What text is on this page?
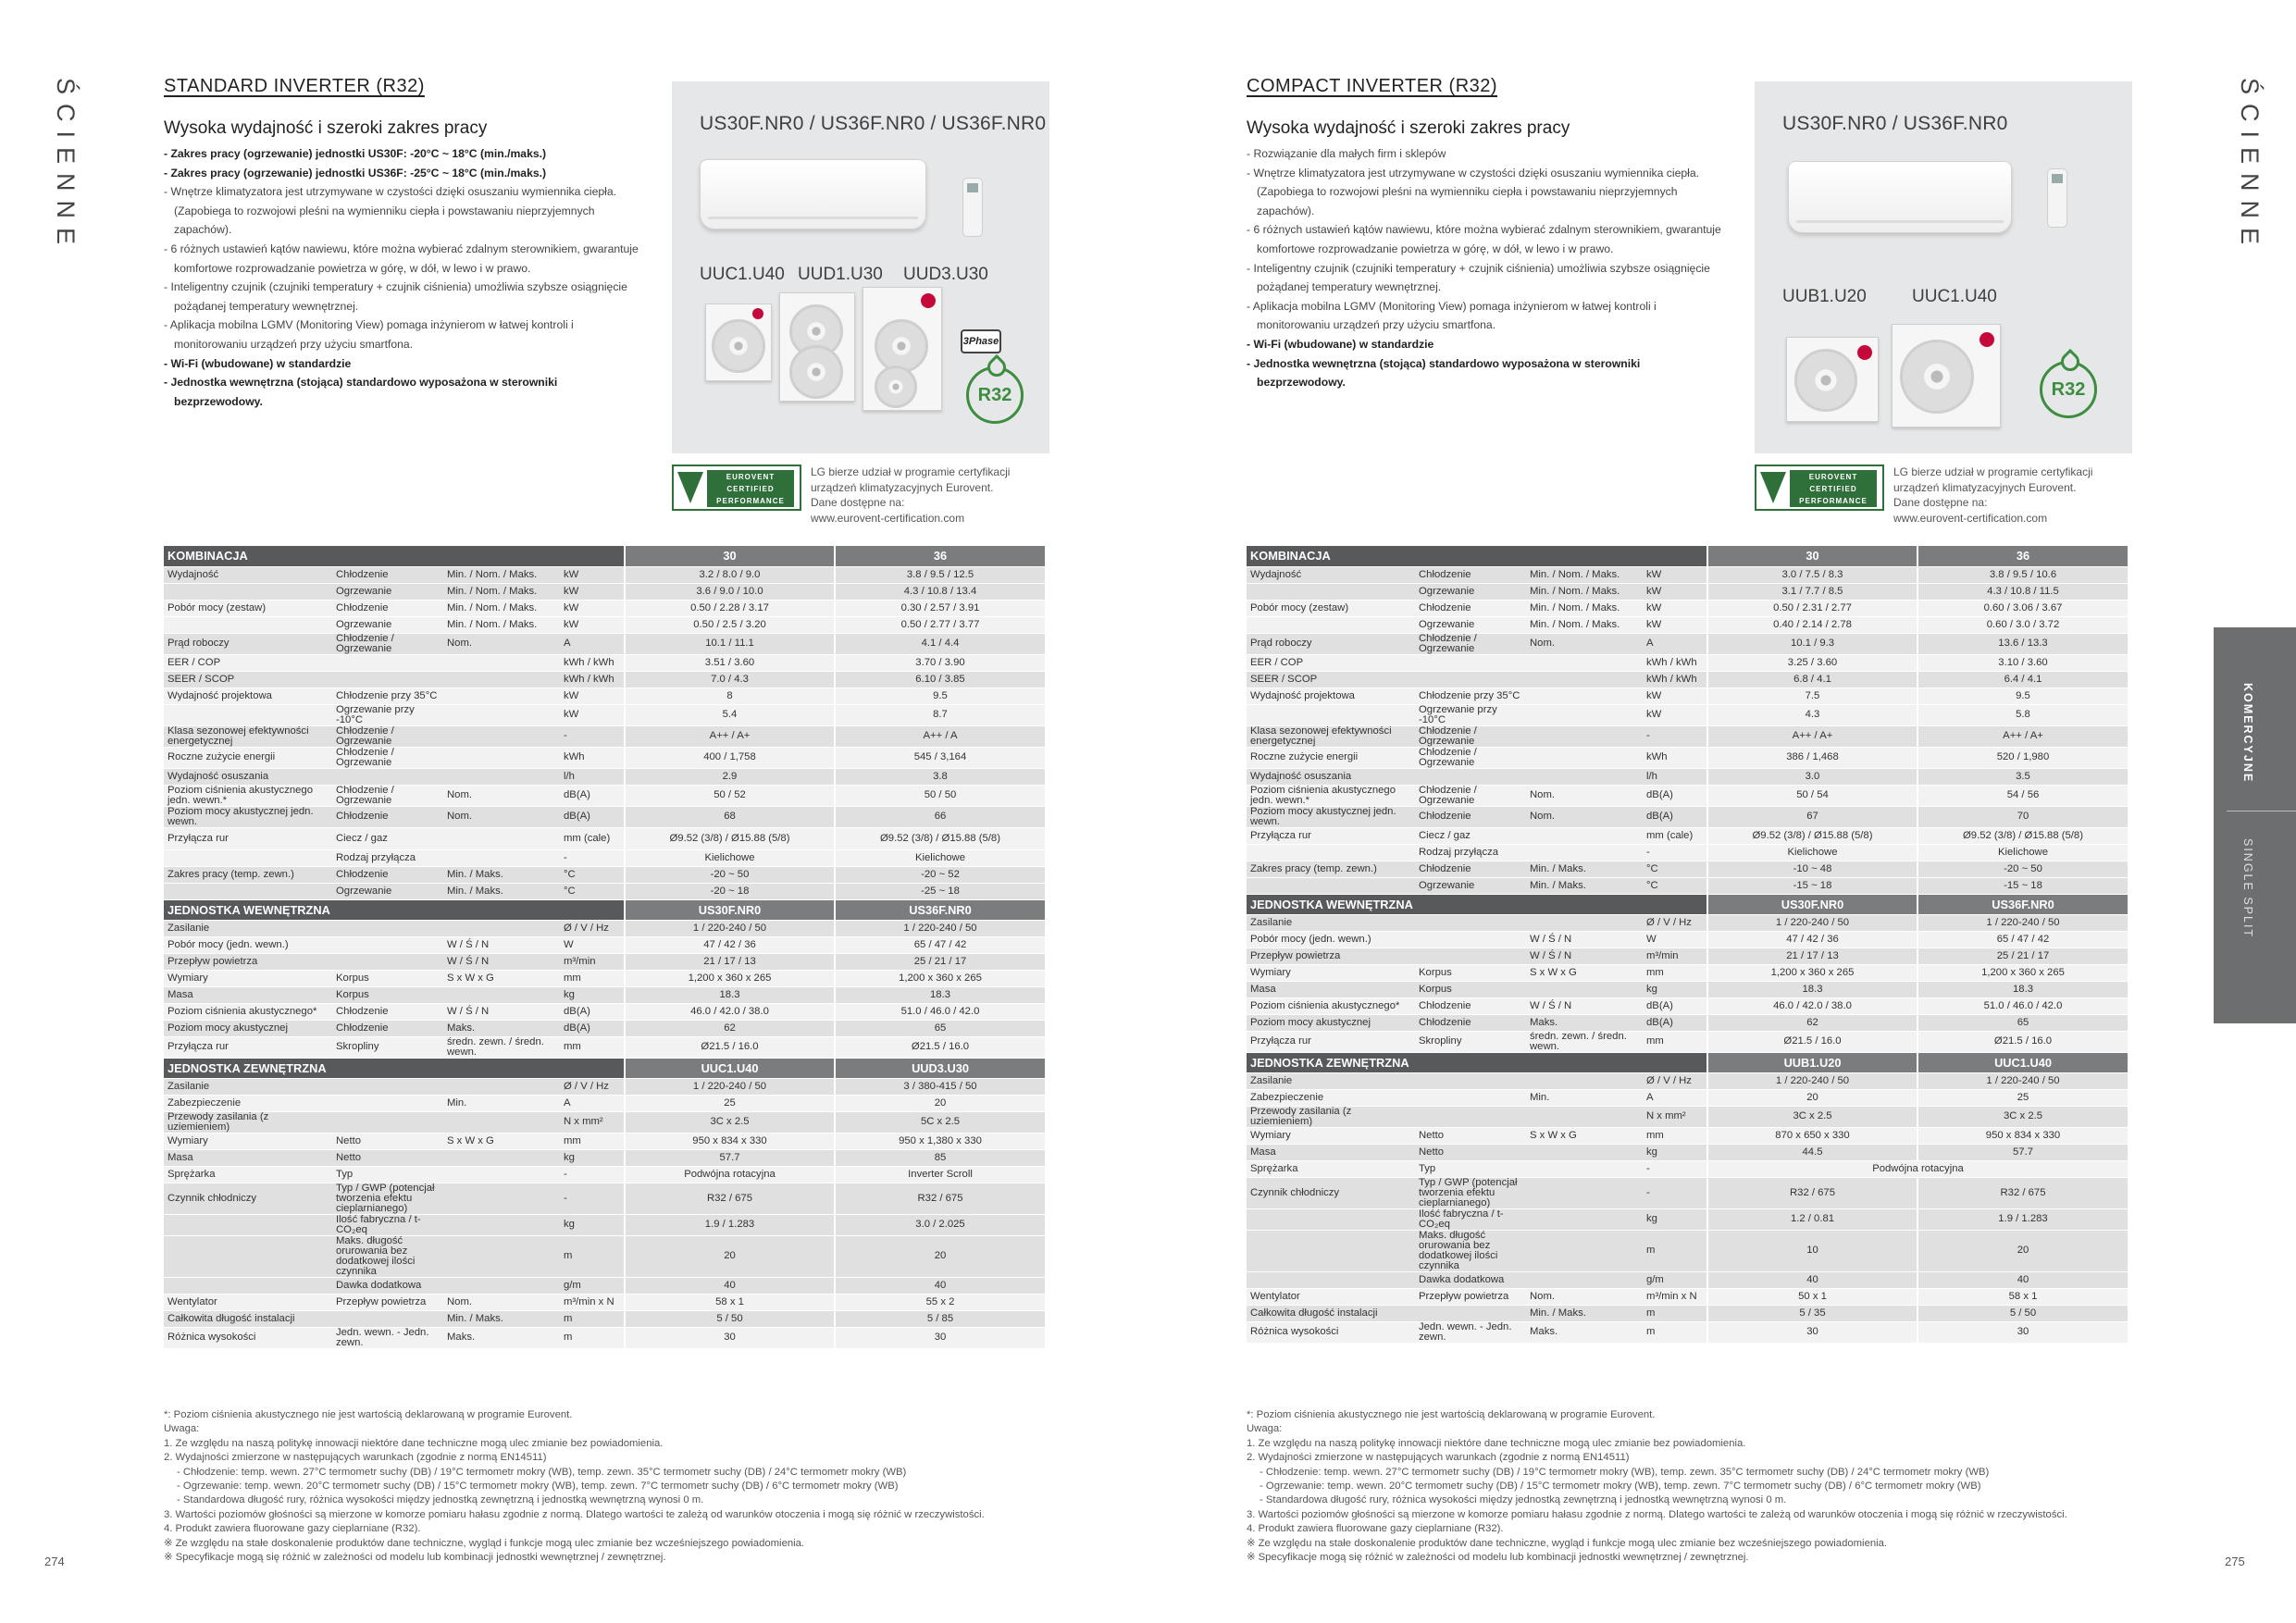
ŚCIENNE	STANDARD INVERTER (R32)
Wysoka wydajność i szeroki zakres pracy
- Zakres pracy (ogrzewanie) jednostki US30F: -20°C ~ 18°C (min./maks.)
- Zakres pracy (ogrzewanie) jednostki US36F: -25°C ~ 18°C (min./maks.)
- Wnętrze klimatyzatora jest utrzymywane w czystości dzięki osuszaniu wymiennika ciepła. (Zapobiega to rozwojowi pleśni na wymienniku ciepła i powstawaniu nieprzyjemnych zapachów).
- 6 różnych ustawień kątów nawiewu, które można wybierać zdalnym sterownikiem, gwarantuje komfortowe rozprowadzanie powietrza w górę, w dół, w lewo i w prawo.
- Inteligentny czujnik (czujniki temperatury + czujnik ciśnienia) umożliwia szybsze osiągnięcie pożądanej temperatury wewnętrznej.
- Aplikacja mobilna LGMV (Monitoring View) pomaga inżynierom w łatwej kontroli i monitorowaniu urządzeń przy użyciu smartfona.
- Wi-Fi (wbudowane) w standardzie
- Jednostka wewnętrzna (stojąca) standardowo wyposażona w sterowniki bezprzewodowy.
US30F.NR0 / US36F.NR0 / US36F.NR0
UUC1.U40 UUD1.U30 UUD3.U30
3Phase
R32
EUROVENT CERTIFIED PERFORMANCE
LG bierze udział w programie certyfikacji
urządzeń klimatyzacyjnych Eurovent.
Dane dostępne na:
www.eurovent-certification.com
KOMBINACJA				30	36
Wydajność	Chłodzenie	Min. / Nom. / Maks.	kW	3.2 / 8.0 / 9.0	3.8 / 9.5 / 12.5
	Ogrzewanie	Min. / Nom. / Maks.	kW	3.6 / 9.0 / 10.0	4.3 / 10.8 / 13.4
Pobór mocy (zestaw)	Chłodzenie	Min. / Nom. / Maks.	kW	0.50 / 2.28 / 3.17	0.30 / 2.57 / 3.91
	Ogrzewanie	Min. / Nom. / Maks.	kW	0.50 / 2.5 / 3.20	0.50 / 2.77 / 3.77
Prąd roboczy	Chłodzenie / Ogrzewanie	Nom.	A	10.1 / 11.1	4.1 / 4.4
EER / COP			kWh / kWh	3.51 / 3.60	3.70 / 3.90
SEER / SCOP			kWh / kWh	7.0 / 4.3	6.10 / 3.85
Wydajność projektowa	Chłodzenie przy 35°C		kW	8	9.5
	Ogrzewanie przy -10°C		kW	5.4	8.7
Klasa sezonowej efektywności energetycznej	Chłodzenie / Ogrzewanie		-	A++ / A+	A++ / A
Roczne zużycie energii	Chłodzenie / Ogrzewanie		kWh	400 / 1,758	545 / 3,164
Wydajność osuszania			l/h	2.9	3.8
Poziom ciśnienia akustycznego jedn. wewn.*	Chłodzenie / Ogrzewanie	Nom.	dB(A)	50 / 52	50 / 50
Poziom mocy akustycznej jedn. wewn.	Chłodzenie	Nom.	dB(A)	68	66
Przyłącza rur	Ciecz / gaz		mm (cale)	Ø9.52 (3/8) / Ø15.88 (5/8)	Ø9.52 (3/8) / Ø15.88 (5/8)
	Rodzaj przyłącza		-	Kielichowe	Kielichowe
Zakres pracy (temp. zewn.)	Chłodzenie	Min. / Maks.	°C	-20 ~ 50	-20 ~ 52
	Ogrzewanie	Min. / Maks.	°C	-20 ~ 18	-25 ~ 18
JEDNOSTKA WEWNĘTRZNA				US30F.NR0	US36F.NR0
Zasilanie			Ø / V / Hz	1 / 220-240 / 50	1 / 220-240 / 50
Pobór mocy (jedn. wewn.)		W / Ś / N	W	47 / 42 / 36	65 / 47 / 42
Przepływ powietrza		W / Ś / N	m³/min	21 / 17 / 13	25 / 21 / 17
Wymiary	Korpus	S x W x G	mm	1,200 x 360 x 265	1,200 x 360 x 265
Masa	Korpus		kg	18.3	18.3
Poziom ciśnienia akustycznego*	Chłodzenie	W / Ś / N	dB(A)	46.0 / 42.0 / 38.0	51.0 / 46.0 / 42.0
Poziom mocy akustycznej	Chłodzenie	Maks.	dB(A)	62	65
Przyłącza rur	Skropliny	średn. zewn. / średn. wewn.	mm	Ø21.5 / 16.0	Ø21.5 / 16.0
JEDNOSTKA ZEWNĘTRZNA				UUC1.U40	UUD3.U30
Zasilanie			Ø / V / Hz	1 / 220-240 / 50	3 / 380-415 / 50
Zabezpieczenie		Min.	A	25	20
Przewody zasilania (z uziemieniem)			N x mm²	3C x 2.5	5C x 2.5
Wymiary	Netto	S x W x G	mm	950 x 834 x 330	950 x 1,380 x 330
Masa	Netto		kg	57.7	85
Sprężarka	Typ		-	Podwójna rotacyjna	Inverter Scroll
Czynnik chłodniczy	Typ / GWP (potencjał tworzenia efektu cieplarnianego)		-	R32 / 675	R32 / 675
	Ilość fabryczna / t-CO₂eq		kg	1.9 / 1.283	3.0 / 2.025
	Maks. długość orurowania bez dodatkowej ilości czynnika		m	20	20
	Dawka dodatkowa		g/m	40	40
Wentylator	Przepływ powietrza	Nom.	m³/min x N	58 x 1	55 x 2
Całkowita długość instalacji		Min. / Maks.	m	5 / 50	5 / 85
Różnica wysokości	Jedn. wewn. - Jedn. zewn.	Maks.	m	30	30
*: Poziom ciśnienia akustycznego nie jest wartością deklarowaną w programie Eurovent.
Uwaga:
1. Ze względu na naszą politykę innowacji niektóre dane techniczne mogą ulec zmianie bez powiadomienia.
2. Wydajności zmierzone w następujących warunkach (zgodnie z normą EN14511)
- Chłodzenie: temp. wewn. 27°C termometr suchy (DB) / 19°C termometr mokry (WB), temp. zewn. 35°C termometr suchy (DB) / 24°C termometr mokry (WB)
- Ogrzewanie: temp. wewn. 20°C termometr suchy (DB) / 15°C termometr mokry (WB), temp. zewn. 7°C termometr suchy (DB) / 6°C termometr mokry (WB)
- Standardowa długość rury, różnica wysokości między jednostką zewnętrzną i jednostką wewnętrzną wynosi 0 m.
3. Wartości poziomów głośności są mierzone w komorze pomiaru hałasu zgodnie z normą. Dlatego wartości te zależą od warunków otoczenia i mogą się różnić w rzeczywistości.
4. Produkt zawiera fluorowane gazy cieplarniane (R32).
※ Ze względu na stałe doskonalenie produktów dane techniczne, wygląd i funkcje mogą ulec zmianie bez wcześniejszego powiadomienia.
※ Specyfikacje mogą się różnić w zależności od modelu lub kombinacji jednostki wewnętrznej / zewnętrznej.
274
COMPACT INVERTER (R32)
Wysoka wydajność i szeroki zakres pracy
- Rozwiązanie dla małych firm i sklepów
- Wnętrze klimatyzatora jest utrzymywane w czystości dzięki osuszaniu wymiennika ciepła. (Zapobiega to rozwojowi pleśni na wymienniku ciepła i powstawaniu nieprzyjemnych zapachów).
- 6 różnych ustawień kątów nawiewu, które można wybierać zdalnym sterownikiem, gwarantuje komfortowe rozprowadzanie powietrza w górę, w dół, w lewo i w prawo.
- Inteligentny czujnik (czujniki temperatury + czujnik ciśnienia) umożliwia szybsze osiągnięcie pożądanej temperatury wewnętrznej.
- Aplikacja mobilna LGMV (Monitoring View) pomaga inżynierom w łatwej kontroli i monitorowaniu urządzeń przy użyciu smartfona.
- Wi-Fi (wbudowane) w standardzie
- Jednostka wewnętrzna (stojąca) standardowo wyposażona w sterowniki bezprzewodowy.
US30F.NR0 / US36F.NR0
UUB1.U20	UUC1.U40
R32
EUROVENT CERTIFIED PERFORMANCE
LG bierze udział w programie certyfikacji
urządzeń klimatyzacyjnych Eurovent.
Dane dostępne na:
www.eurovent-certification.com
KOMBINACJA				30	36
Wydajność	Chłodzenie	Min. / Nom. / Maks.	kW	3.0 / 7.5 / 8.3	3.8 / 9.5 / 10.6
	Ogrzewanie	Min. / Nom. / Maks.	kW	3.1 / 7.7 / 8.5	4.3 / 10.8 / 11.5
Pobór mocy (zestaw)	Chłodzenie	Min. / Nom. / Maks.	kW	0.50 / 2.31 / 2.77	0.60 / 3.06 / 3.67
	Ogrzewanie	Min. / Nom. / Maks.	kW	0.40 / 2.14 / 2.78	0.60 / 3.0 / 3.72
Prąd roboczy	Chłodzenie / Ogrzewanie	Nom.	A	10.1 / 9.3	13.6 / 13.3
EER / COP			kWh / kWh	3.25 / 3.60	3.10 / 3.60
SEER / SCOP			kWh / kWh	6.8 / 4.1	6.4 / 4.1
Wydajność projektowa	Chłodzenie przy 35°C		kW	7.5	9.5
	Ogrzewanie przy -10°C		kW	4.3	5.8
Klasa sezonowej efektywności energetycznej	Chłodzenie / Ogrzewanie		-	A++ / A+	A++ / A+
Roczne zużycie energii	Chłodzenie / Ogrzewanie		kWh	386 / 1,468	520 / 1,980
Wydajność osuszania			l/h	3.0	3.5
Poziom ciśnienia akustycznego jedn. wewn.*	Chłodzenie / Ogrzewanie	Nom.	dB(A)	50 / 54	54 / 56
Poziom mocy akustycznej jedn. wewn.	Chłodzenie	Nom.	dB(A)	67	70
Przyłącza rur	Ciecz / gaz		mm (cale)	Ø9.52 (3/8) / Ø15.88 (5/8)	Ø9.52 (3/8) / Ø15.88 (5/8)
	Rodzaj przyłącza		-	Kielichowe	Kielichowe
Zakres pracy (temp. zewn.)	Chłodzenie	Min. / Maks.	°C	-10 ~ 48	-20 ~ 50
	Ogrzewanie	Min. / Maks.	°C	-15 ~ 18	-15 ~ 18
JEDNOSTKA WEWNĘTRZNA				US30F.NR0	US36F.NR0
Zasilanie			Ø / V / Hz	1 / 220-240 / 50	1 / 220-240 / 50
Pobór mocy (jedn. wewn.)		W / Ś / N	W	47 / 42 / 36	65 / 47 / 42
Przepływ powietrza		W / Ś / N	m³/min	21 / 17 / 13	25 / 21 / 17
Wymiary	Korpus	S x W x G	mm	1,200 x 360 x 265	1,200 x 360 x 265
Masa	Korpus		kg	18.3	18.3
Poziom ciśnienia akustycznego*	Chłodzenie	W / Ś / N	dB(A)	46.0 / 42.0 / 38.0	51.0 / 46.0 / 42.0
Poziom mocy akustycznej	Chłodzenie	Maks.	dB(A)	62	65
Przyłącza rur	Skropliny	średn. zewn. / średn. wewn.	mm	Ø21.5 / 16.0	Ø21.5 / 16.0
JEDNOSTKA ZEWNĘTRZNA				UUB1.U20	UUC1.U40
Zasilanie			Ø / V / Hz	1 / 220-240 / 50	1 / 220-240 / 50
Zabezpieczenie		Min.	A	20	25
Przewody zasilania (z uziemieniem)			N x mm²	3C x 2.5	3C x 2.5
Wymiary	Netto	S x W x G	mm	870 x 650 x 330	950 x 834 x 330
Masa	Netto		kg	44.5	57.7
Sprężarka	Typ		-	Podwójna rotacyjna	
Czynnik chłodniczy	Typ / GWP (potencjał tworzenia efektu cieplarnianego)		-	R32 / 675	R32 / 675
	Ilość fabryczna / t-CO₂eq		kg	1.2 / 0.81	1.9 / 1.283
	Maks. długość orurowania bez dodatkowej ilości czynnika		m	10	20
	Dawka dodatkowa		g/m	40	40
Wentylator	Przepływ powietrza	Nom.	m³/min x N	50 x 1	58 x 1
Całkowita długość instalacji		Min. / Maks.	m	5 / 35	5 / 50
Różnica wysokości	Jedn. wewn. - Jedn. zewn.	Maks.	m	30	30
*: Poziom ciśnienia akustycznego nie jest wartością deklarowaną w programie Eurovent.
Uwaga:
1. Ze względu na naszą politykę innowacji niektóre dane techniczne mogą ulec zmianie bez powiadomienia.
2. Wydajności zmierzone w następujących warunkach (zgodnie z normą EN14511)
- Chłodzenie: temp. wewn. 27°C termometr suchy (DB) / 19°C termometr mokry (WB), temp. zewn. 35°C termometr suchy (DB) / 24°C termometr mokry (WB)
- Ogrzewanie: temp. wewn. 20°C termometr suchy (DB) / 15°C termometr mokry (WB), temp. zewn. 7°C termometr suchy (DB) / 6°C termometr mokry (WB)
- Standardowa długość rury, różnica wysokości między jednostką zewnętrzną i jednostką wewnętrzną wynosi 0 m.
3. Wartości poziomów głośności są mierzone w komorze pomiaru hałasu zgodnie z normą. Dlatego wartości te zależą od warunków otoczenia i mogą się różnić w rzeczywistości.
4. Produkt zawiera fluorowane gazy cieplarniane (R32).
※ Ze względu na stałe doskonalenie produktów dane techniczne, wygląd i funkcje mogą ulec zmianie bez wcześniejszego powiadomienia.
※ Specyfikacje mogą się różnić w zależności od modelu lub kombinacji jednostki wewnętrznej / zewnętrznej.	275
ŚCIENNE
KOMERCYJNE
SINGLE SPLIT
